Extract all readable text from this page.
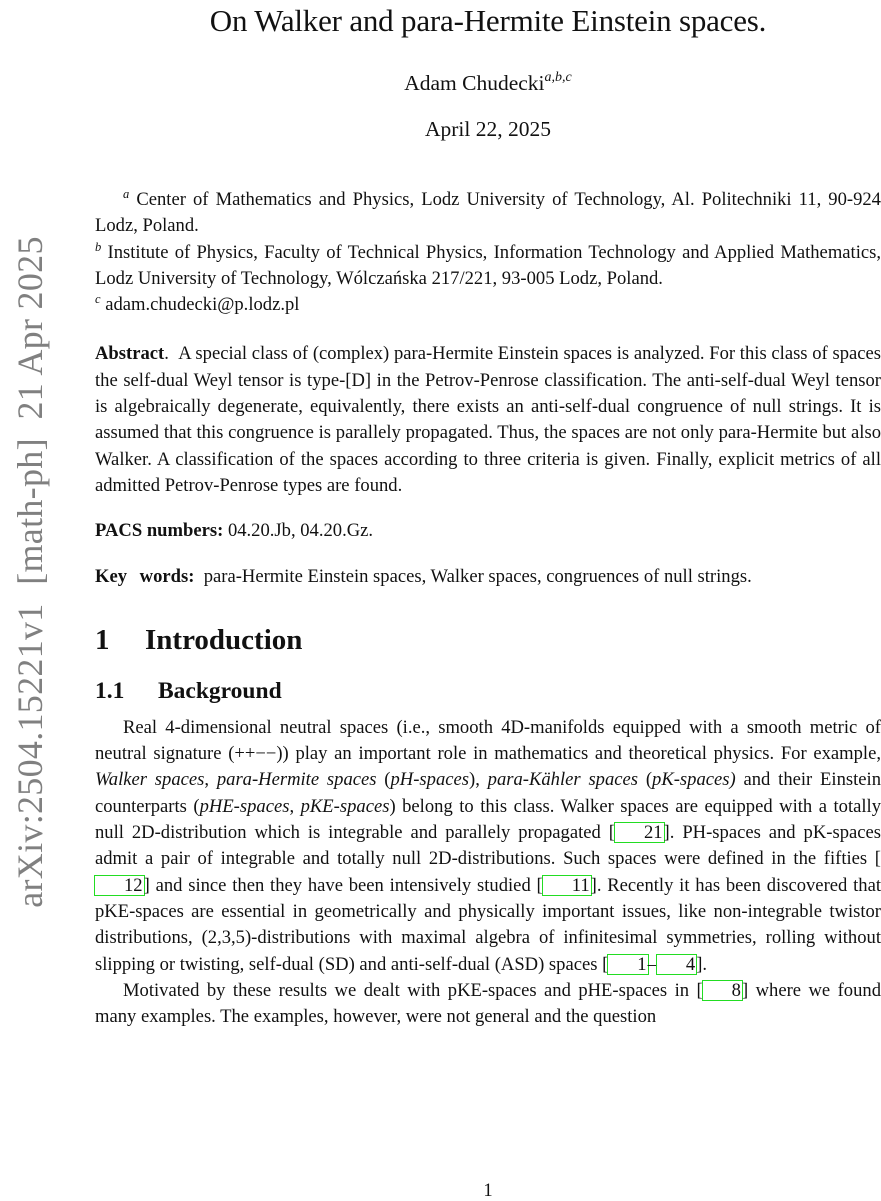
arXiv:2504.15221v1  [math-ph]  21 Apr 2025
On Walker and para-Hermite Einstein spaces.
Adam Chudecki$^{a,b,c}$
April 22, 2025

$^a$ Center of Mathematics and Physics, Lodz University of Technology, Al. Politechniki 11, 90-924 Lodz, Poland.

$^b$ Institute of Physics, Faculty of Technical Physics, Information Technology and Applied Mathematics, Lodz University of Technology, Wólczańska 217/221, 93-005 Lodz, Poland.

$^c$ adam.chudecki@p.lodz.pl

Abstract.  A special class of (complex) para-Hermite Einstein spaces is analyzed. For this class of spaces the self-dual Weyl tensor is type-[D] in the Petrov-Penrose classification. The anti-self-dual Weyl tensor is algebraically degenerate, equivalently, there exists an anti-self-dual congruence of null strings. It is assumed that this congruence is parallely propagated. Thus, the spaces are not only para-Hermite but also Walker. A classification of the spaces according to three criteria is given. Finally, explicit metrics of all admitted Petrov-Penrose types are found.
PACS numbers: 04.20.Jb, 04.20.Gz.
Key words: para-Hermite Einstein spaces, Walker spaces, congruences of null strings.
1 Introduction
1.1 Background

Real 4-dimensional neutral spaces (i.e., smooth 4D-manifolds equipped with a smooth metric of neutral signature (++−−)) play an important role in mathematics and theoretical physics. For example, Walker spaces, para-Hermite spaces (pH-spaces), para-Kähler spaces (pK-spaces) and their Einstein counterparts (pHE-spaces, pKE-spaces) belong to this class. Walker spaces are equipped with a totally null 2D-distribution which is integrable and parallely propagated [ 21]. PH-spaces and pK-spaces admit a pair of integrable and totally null 2D-distributions. Such spaces were defined in the fifties [12] and since then they have been intensively studied [ 11]. Recently it has been discovered that pKE-spaces are essential in geometrically and physically important issues, like non-integrable twistor distributions, (2,3,5)-distributions with maximal algebra of infinitesimal symmetries, rolling without slipping or twisting, self-dual (SD) and anti-self-dual (ASD) spaces [ 1– 4].

Motivated by these results we dealt with pKE-spaces and pHE-spaces in [ 8] where we found many examples. The examples, however, were not general and the question

1
